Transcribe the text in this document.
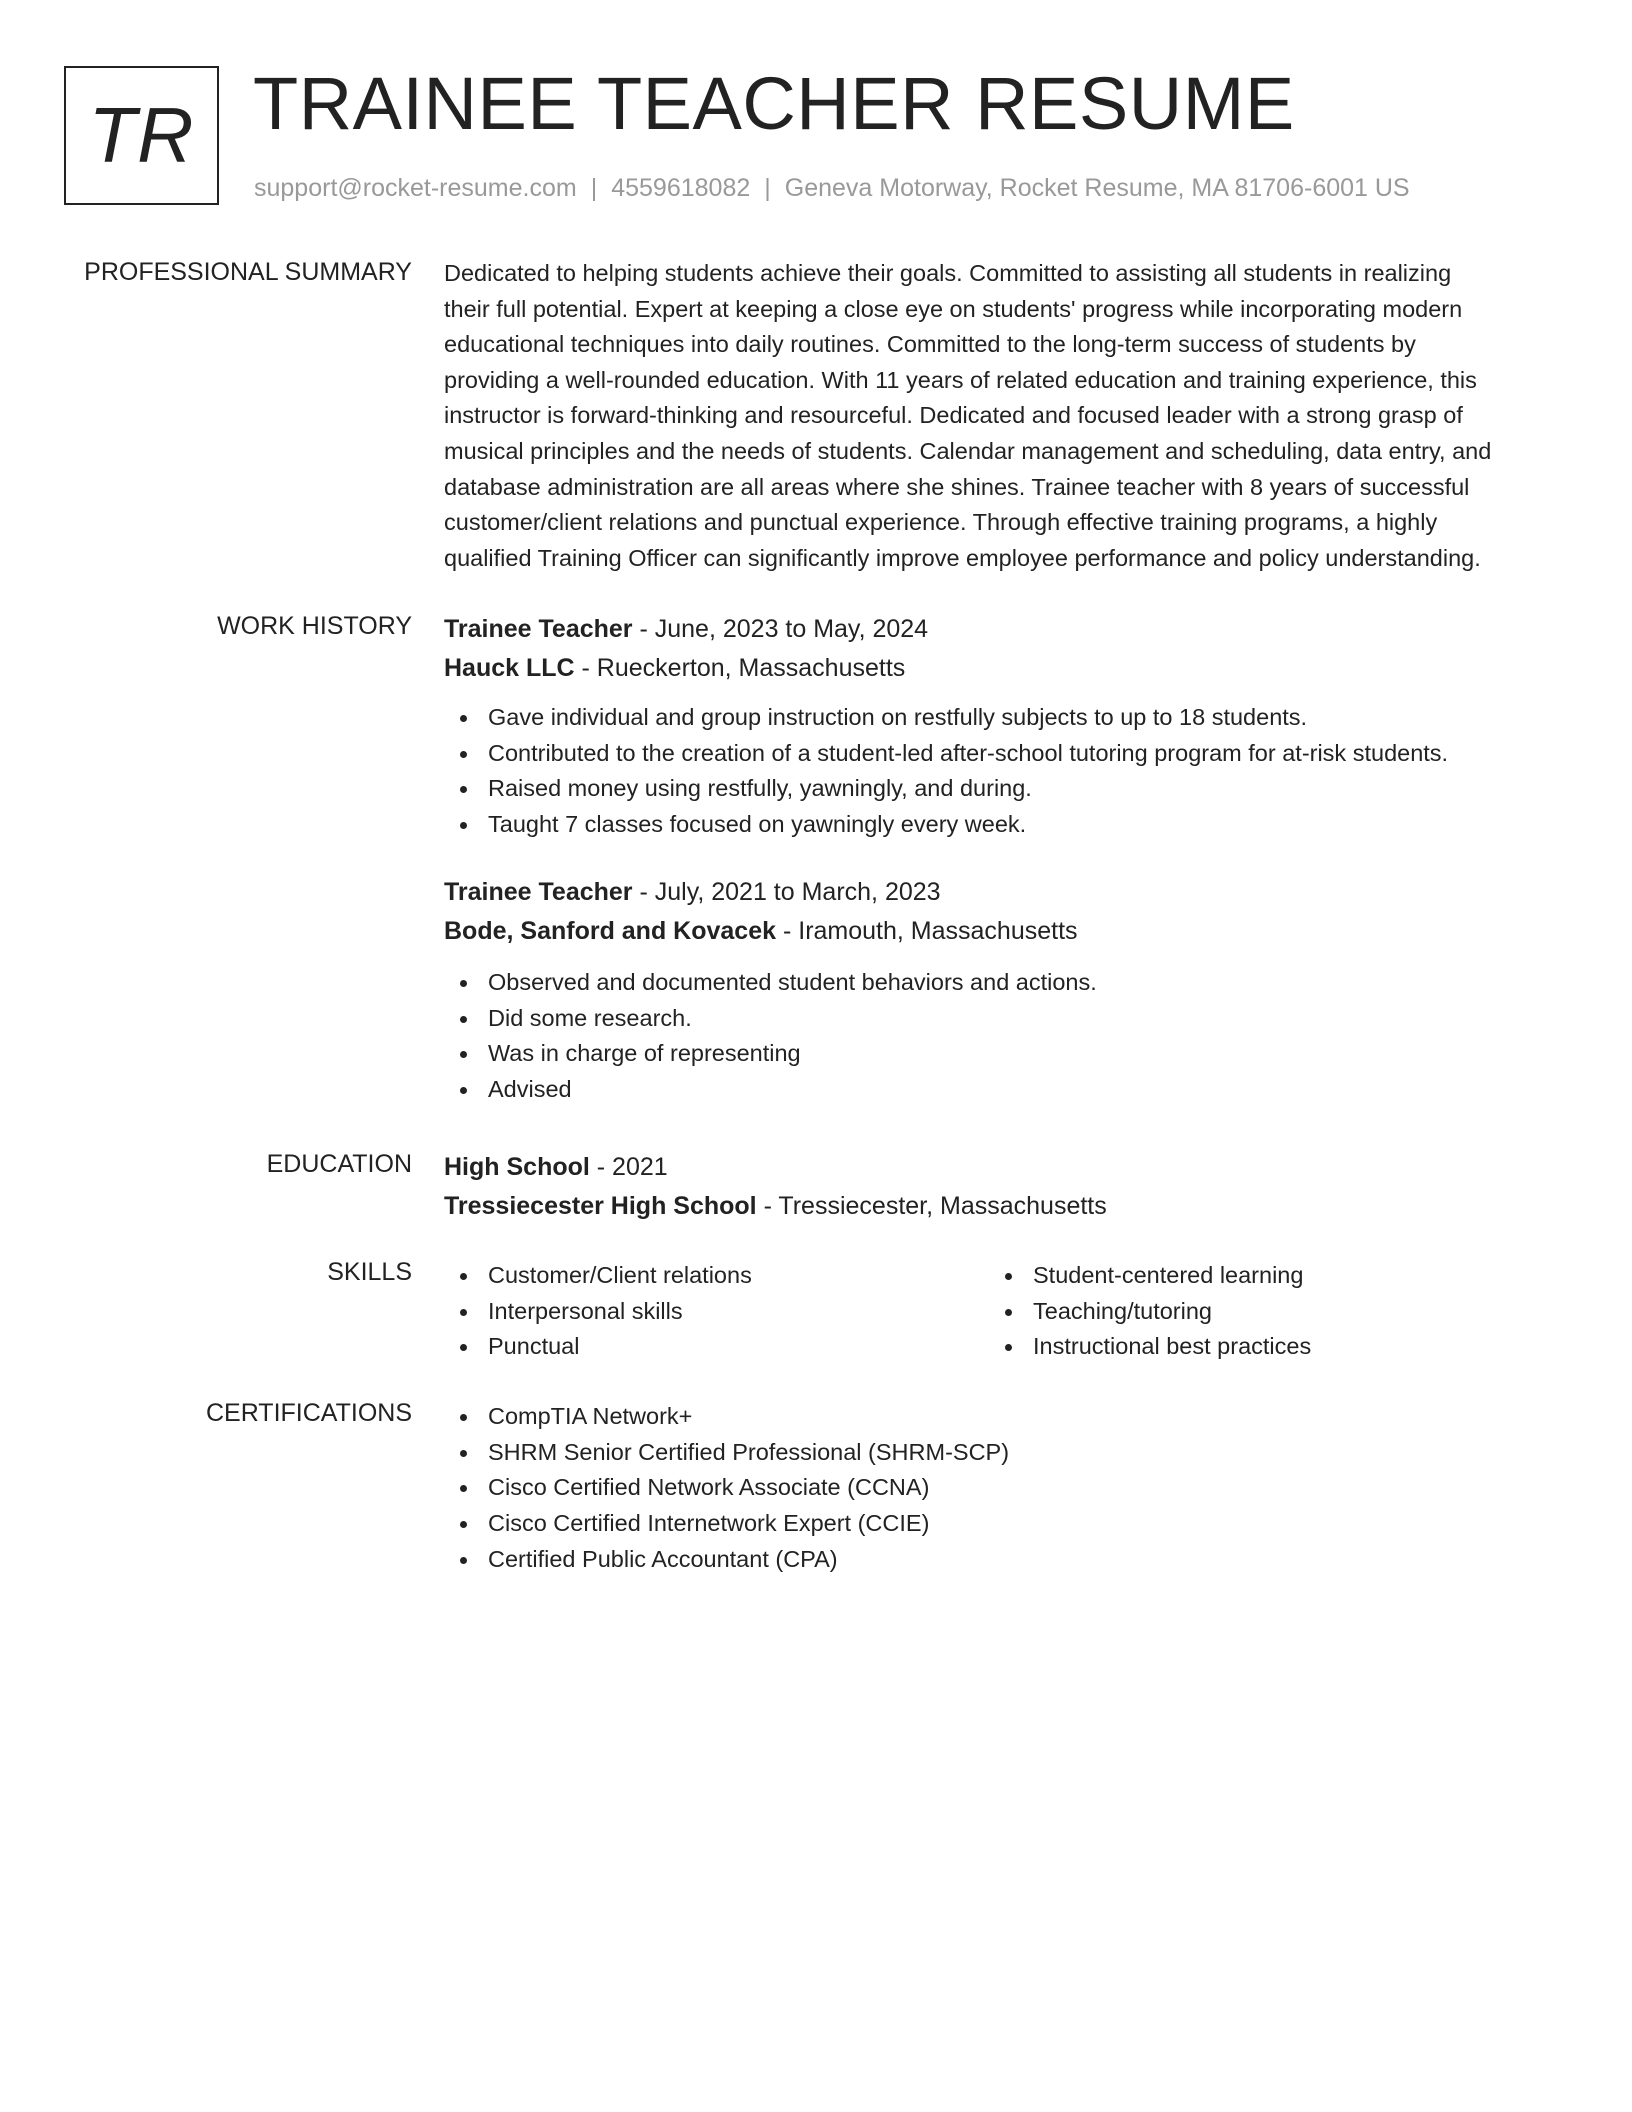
TR TRAINEE TEACHER RESUME
support@rocket-resume.com | 4559618082 | Geneva Motorway, Rocket Resume, MA 81706-6001 US
PROFESSIONAL SUMMARY Dedicated to helping students achieve their goals. Committed to assisting all students in realizing
their full potential. Expert at keeping a close eye on students' progress while incorporating modern
educational techniques into daily routines. Committed to the long-term success of students by
providing a well-rounded education. With 11 years of related education and training experience, this
instructor is forward-thinking and resourceful. Dedicated and focused leader with a strong grasp of
musical principles and the needs of students. Calendar management and scheduling, data entry, and
database administration are all areas where she shines. Trainee teacher with 8 years of successful
customer/client relations and punctual experience. Through effective training programs, a highly
qualified Training Officer can significantly improve employee performance and policy understanding.
WORK HISTORY Trainee Teacher - June, 2023 to May, 2024
Hauck LLC - Rueckerton, Massachusetts
Gave individual and group instruction on restfully subjects to up to 18 students.
Contributed to the creation of a student-led after-school tutoring program for at-risk students.
Raised money using restfully, yawningly, and during.
Taught 7 classes focused on yawningly every week.
Trainee Teacher - July, 2021 to March, 2023
Bode, Sanford and Kovacek - Iramouth, Massachusetts
Observed and documented student behaviors and actions.
Did some research.
Was in charge of representing
Advised
EDUCATION High School - 2021
Tressiecester High School - Tressiecester, Massachusetts
SKILLS	Customer/Client relations
Interpersonal skills
Punctual
Student-centered learning
Teaching/tutoring
Instructional best practices
CERTIFICATIONS	CompTIA Network+
SHRM Senior Certified Professional (SHRM-SCP)
Cisco Certified Network Associate (CCNA)
Cisco Certified Internetwork Expert (CCIE)
Certified Public Accountant (CPA)
